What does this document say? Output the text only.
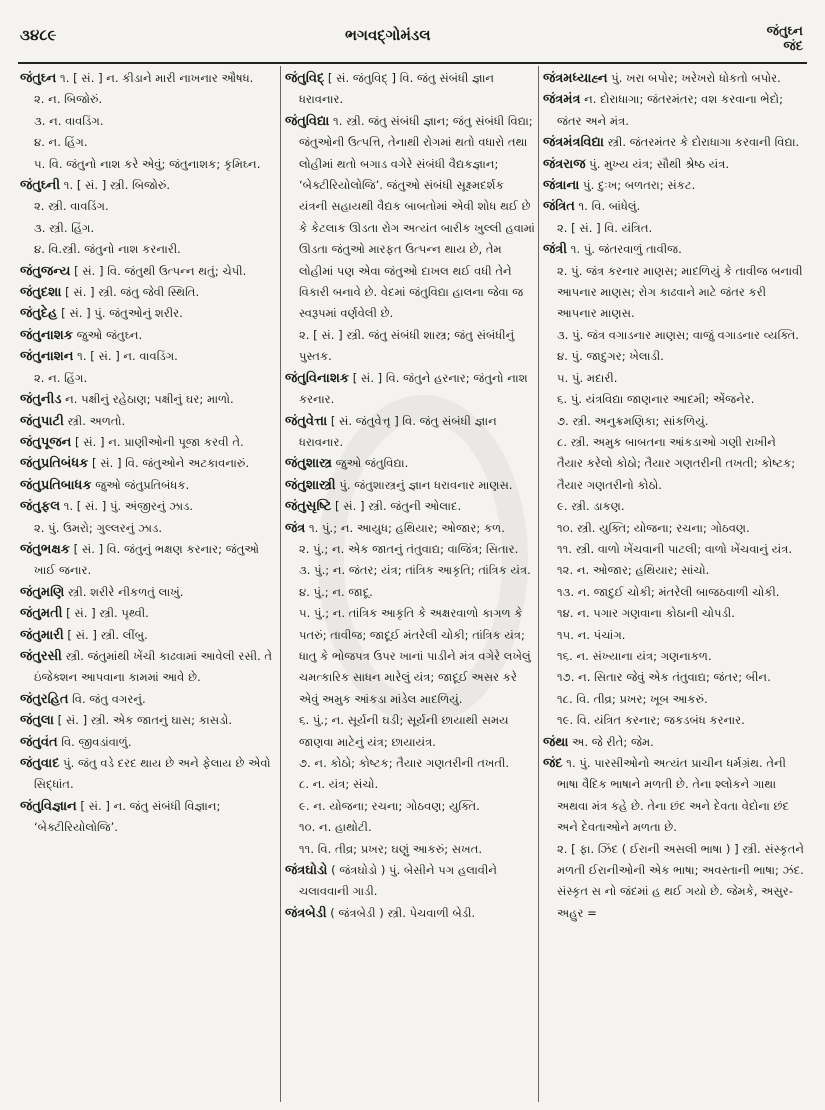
૩૪૮૯	ભગવદ્ગોમંડલ	જંતુઘ્ન
જંદ

જંતુઘ્ન ૧. [ સં. ] ન. કીડાને મારી નાખનાર ઔષધ.

૨. ન. બિજોરું.

૩. ન. વાવડિંગ.

૪. ન. હિંગ.

૫. વિ. જંતુનો નાશ કરે એવું; જંતુનાશક; કૃમિઘ્ન.

જંતુઘ્ની ૧. [ સં. ] સ્ત્રી. બિજોરું.

૨. સ્ત્રી. વાવડિંગ.

૩. સ્ત્રી. હિંગ.

૪. વિ.સ્ત્રી. જંતુનો નાશ કરનારી.

જંતુજન્ય [ સં. ] વિ. જંતુથી ઉત્પન્ન થતું; ચેપી.

જંતુદશા [ સં. ] સ્ત્રી. જંતુ જેવી સ્થિતિ.

જંતુદેહ [ સં. ] પું. જંતુઓનું શરીર.

જંતુનાશક જુઓ જંતુઘ્ન.

જંતુનાશન ૧. [ સં. ] ન. વાવડિંગ.

૨. ન. હિંગ.

જંતુનીડ ન. પક્ષીનું રહેઠાણ; પક્ષીનું ઘર; માળો.

જંતુપાટી સ્ત્રી. અળતો.

જંતુપૂજન [ સં. ] ન. પ્રાણીઓની પૂજા કરવી તે.

જંતુપ્રતિબંધક [ સં. ] વિ. જંતુઓને અટકાવનારું.

જંતુપ્રતિબાધક જુઓ જંતુપ્રતિબંધક.

જંતુફલ ૧. [ સં. ] પું. અંજીરનું ઝાડ.

૨. પું. ઉમરો; ગુલ્લરનું ઝાડ.

જંતુભક્ષક [ સં. ] વિ. જંતુનું ભક્ષણ કરનાર; જંતુઓ ખાઈ જનાર.

જંતુમણિ સ્ત્રી. શરીરે નીકળતું લાખું.

જંતુમતી [ સં. ] સ્ત્રી. પૃથ્વી.

જંતુમારી [ સં. ] સ્ત્રી. લીંબુ.

જંતુરસી સ્ત્રી. જંતુમાંથી ખેંચી કાઢવામાં આવેલી રસી. તે ઇંજેક્શન આપવાના કામમાં આવે છે.

જંતુરહિત વિ. જંતુ વગરનું.

જંતુલા [ સં. ] સ્ત્રી. એક જાતનું ઘાસ; કાસડો.

જંતુવંત વિ. જીવડાંવાળું.

જંતુવાદ પું. જંતુ વડે દરદ થાય છે અને ફેલાય છે એવો સિદ્ધાંત.

જંતુવિજ્ઞાન [ સં. ] ન. જંતુ સંબંધી વિજ્ઞાન; ‘બેક્ટીરિયોલોજિ’.

જંતુવિદ્ [ સં. જંતુવિદ્ ] વિ. જંતુ સંબંધી જ્ઞાન ધરાવનાર.

જંતુવિદ્યા ૧. સ્ત્રી. જંતુ સંબંધી જ્ઞાન; જંતુ સંબંધી વિદ્યા; જંતુઓની ઉત્પત્તિ, તેનાથી રોગમાં થતો વધારો તથા લોહીમાં થતો બગાડ વગેરે સંબંધી વૈદ્યકજ્ઞાન; ‘બેક્ટીરિયોલોજિ’. જંતુઓ સંબંધી સૂક્ષ્મદર્શક યંત્રની સહાયથી વૈદ્યક બાબતોમાં એવી શોધ થઈ છે કે કેટલાક ઊડતા રોગ અત્યંત બારીક ખુલ્લી હવામાં ઊડતા જંતુઓ મારફત ઉત્પન્ન થાય છે, તેમ લોહીમાં પણ એવા જંતુઓ દાખલ થઈ વધી તેને વિકારી બનાવે છે. વેદમાં જંતુવિદ્યા હાલના જેવા જ સ્વરૂપમાં વર્ણવેલી છે.

૨. [ સં. ] સ્ત્રી. જંતુ સંબંધી શાસ્ત્ર; જંતુ સંબંધીનું પુસ્તક.

જંતુવિનાશક [ સં. ] વિ. જંતુને હરનાર; જંતુનો નાશ કરનાર.

જંતુવેત્તા [ સં. જંતુવેત્તૃ ] વિ. જંતુ સંબંધી જ્ઞાન ધરાવનાર.

જંતુશાસ્ત્ર જુઓ જંતુવિદ્યા.

જંતુશાસ્ત્રી પું. જંતુશાસ્ત્રનું જ્ઞાન ધરાવનાર માણસ.

જંતુસૃષ્ટિ [ સં. ] સ્ત્રી. જંતુની ઓલાદ.

જંત્ર ૧. પું.; ન. આયુધ; હથિયાર; ઓજાર; કળ.

૨. પું.; ન. એક જાતનું તંતુવાદ્ય; વાજિંત્ર; સિતાર.

૩. પું.; ન. જંતર; યંત્ર; તાંત્રિક આકૃતિ; તાંત્રિક યંત્ર.

૪. પું.; ન. જાદૂ.

૫. પું.; ન. તાંત્રિક આકૃતિ કે અક્ષરવાળો કાગળ કે પતરું; તાવીજ; જાદૂઈ મંતરેલી ચોકી; તાંત્રિક યંત્ર; ધાતુ કે ભોજપત્ર ઉપર ખાનાં પાડીને મંત્ર વગેરે લખેલું ચમત્કારિક સાધન મારેલું યંત્ર; જાદૂઈ અસર કરે એવું અમુક આંકડા માંડેલ માદળિયું.

૬. પું.; ન. સૂર્યની ઘડી; સૂર્યની છાયાથી સમય જાણવા માટેનું યંત્ર; છાયાયંત્ર.

૭. ન. કોઠો; કોષ્ટક; તૈયાર ગણતરીની તખતી.

૮. ન. યંત્ર; સંચો.

૯. ન. યોજના; રચના; ગોઠવણ; યુક્તિ.

૧૦. ન. હાથોટી.

૧૧. વિ. તીવ્ર; પ્રખર; ઘણું આકરું; સખત.

જંત્રઘોડો ( જંત્રઘોડો ) પું. બેસીને પગ હલાવીને ચલાવવાની ગાડી.

જંત્રબેડી ( જંત્રબેડી ) સ્ત્રી. પેચવાળી બેડી.

જંત્રમધ્યાહ્ન પું. ખરા બપોર; ખરેખરો ધોકતો બપોર.

જંત્રમંત્ર ન. દોરાધાગા; જંતરમંતર; વશ કરવાના ભેદો; જંતર અને મંત્ર.

જંત્રમંત્રવિદ્યા સ્ત્રી. જંતરમંતર કે દોરાધાગા કરવાની વિદ્યા.

જંત્રરાજ પું. મુખ્ય યંત્ર; સૌથી શ્રેષ્ઠ યંત્ર.

જંત્રાના પું. દુઃખ; બળતરા; સંકટ.

જંત્રિત ૧. વિ. બાંધેલું.

૨. [ સં. ] વિ. યંત્રિત.

જંત્રી ૧. પું. જંતરવાળું તાવીજ.

૨. પું. જંત્ર કરનાર માણસ; માદળિયું કે તાવીજ બનાવી આપનાર માણસ; રોગ કાઢવાને માટે જંતર કરી આપનાર માણસ.

૩. પું. જંત્ર વગાડનાર માણસ; વાજું વગાડનાર વ્યક્તિ.

૪. પું. જાદુગર; ખેલાડી.

૫. પું. મદારી.

૬. પું. યંત્રવિદ્યા જાણનાર આદમી; એંજનેર.

૭. સ્ત્રી. અનુક્રમણિકા; સાંકળિયું.

૮. સ્ત્રી. અમુક બાબતના આંકડાઓ ગણી રાખીને તૈયાર કરેલો કોઠો; તૈયાર ગણતરીની તખતી; કોષ્ટક; તૈયાર ગણતરીનો કોઠો.

૯. સ્ત્રી. ડાકણ.

૧૦. સ્ત્રી. યુક્તિ; યોજના; રચના; ગોઠવણ.

૧૧. સ્ત્રી. વાળો ખેંચવાની પાટલી; વાળો ખેંચવાનું યંત્ર.

૧૨. ન. ઓજાર; હથિયાર; સાંચો.

૧૩. ન. જાદુઈ ચોકી; મંતરેલી બાજઠવાળી ચોકી.

૧૪. ન. પગાર ગણવાના કોઠાની ચોપડી.

૧૫. ન. પંચાંગ.

૧૬. ન. સંખ્યાના યંત્ર; ગણનાકળ.

૧૭. ન. સિતાર જેવું એક તંતુવાદ્ય; જંતર; બીન.

૧૮. વિ. તીવ્ર; પ્રખર; ખૂબ આકરું.

૧૯. વિ. યંત્રિત કરનાર; જકડબંધ કરનાર.

જંથા અ. જે રીતે; જેમ.

જંદ ૧. પું. પારસીઓનો અત્યંત પ્રાચીન ધર્મગ્રંથ. તેની ભાષા વૈદિક ભાષાને મળતી છે. તેના શ્લોકને ગાથા અથવા મંત્ર કહે છે. તેના છંદ અને દેવતા વેદોના છંદ અને દેવતાઓને મળતા છે.

૨. [ ફા. ઝિંદ ( ઈરાની અસલી ભાષા ) ] સ્ત્રી. સંસ્કૃતને મળતી ઈરાનીઓની એક ભાષા; અવસ્તાની ભાષા; ઝંદ. સંસ્કૃત સ નો જંદમાં હ થઈ ગયો છે. જેમકે, અસુર-અહુર =
